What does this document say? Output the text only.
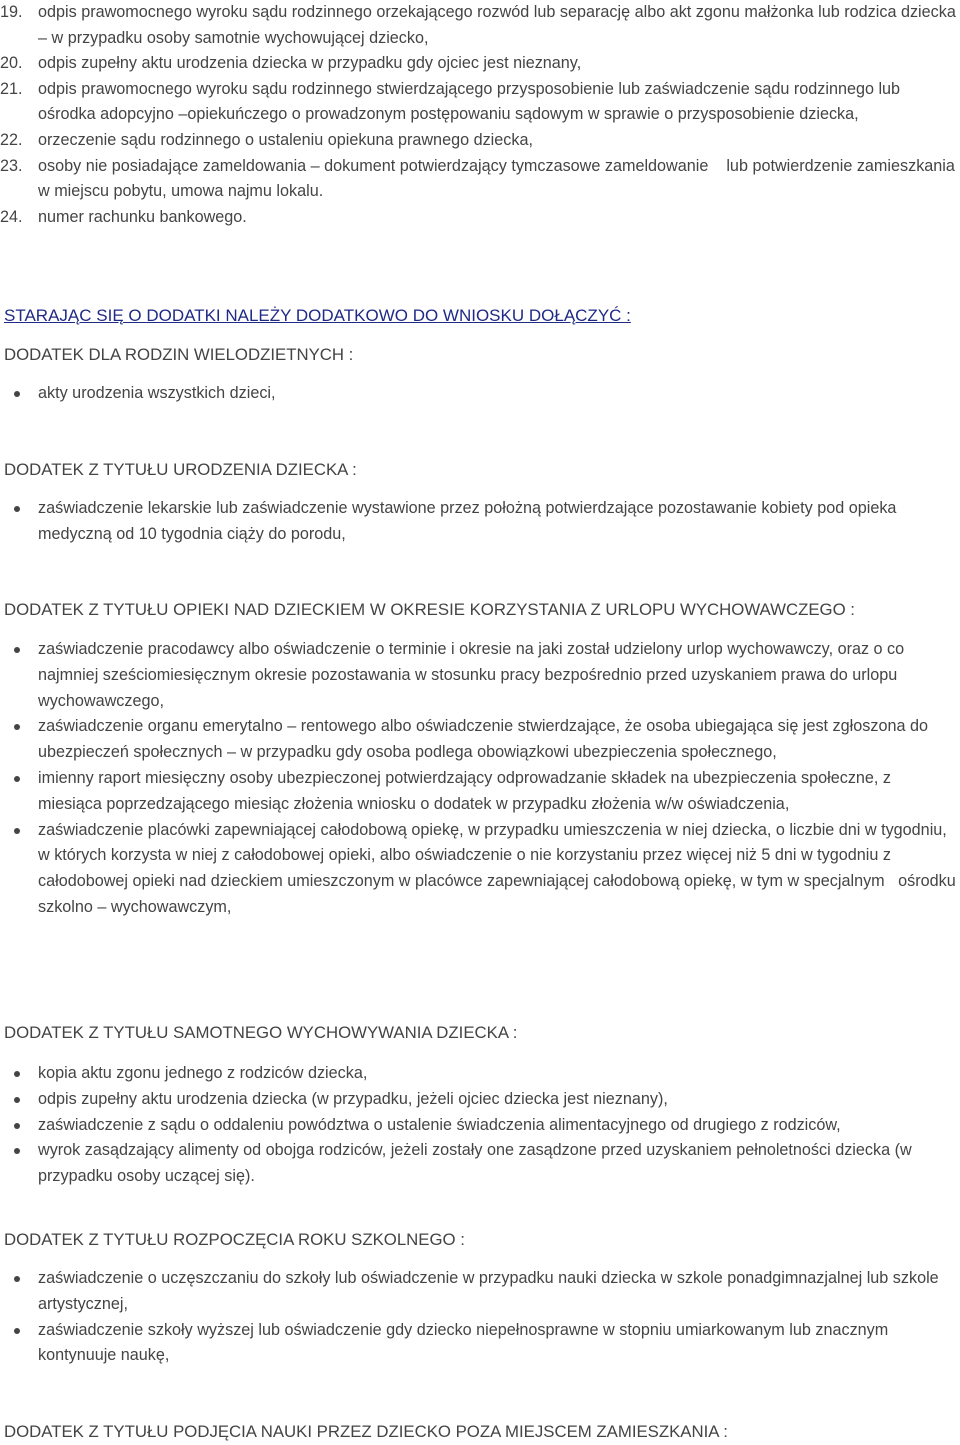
19. odpis prawomocnego wyroku sądu rodzinnego orzekającego rozwód lub separację albo akt zgonu małżonka lub rodzica dziecka – w przypadku osoby samotnie wychowującej dziecko,
20. odpis zupełny aktu urodzenia dziecka w przypadku gdy ojciec jest nieznany,
21. odpis prawomocnego wyroku sądu rodzinnego stwierdzającego przysposobienie lub zaświadczenie sądu rodzinnego lub ośrodka adopcyjno –opiekuńczego o prowadzonym postępowaniu sądowym w sprawie o przysposobienie dziecka,
22. orzeczenie sądu rodzinnego o ustaleniu opiekuna prawnego dziecka,
23. osoby nie posiadające zameldowania – dokument potwierdzający tymczasowe zameldowanie    lub potwierdzenie zamieszkania w miejscu pobytu, umowa najmu lokalu.
24. numer rachunku bankowego.
STARAJĄC SIĘ O DODATKI NALEŻY DODATKOWO DO WNIOSKU DOŁĄCZYĆ :
DODATEK DLA RODZIN WIELODZIETNYCH :
akty urodzenia wszystkich dzieci,
DODATEK Z TYTUŁU URODZENIA DZIECKA :
zaświadczenie lekarskie lub zaświadczenie wystawione przez położną potwierdzające pozostawanie kobiety pod opieka medyczną od 10 tygodnia ciąży do porodu,
DODATEK Z TYTUŁU OPIEKI NAD DZIECKIEM W OKRESIE KORZYSTANIA Z URLOPU WYCHOWAWCZEGO :
zaświadczenie pracodawcy albo oświadczenie o terminie i okresie na jaki został udzielony urlop wychowawczy, oraz o co najmniej sześciomiesięcznym okresie pozostawania w stosunku pracy bezpośrednio przed uzyskaniem prawa do urlopu wychowawczego,
zaświadczenie organu emerytalno – rentowego albo oświadczenie stwierdzające, że osoba ubiegająca się jest zgłoszona do ubezpieczeń społecznych – w przypadku gdy osoba podlega obowiązkowi ubezpieczenia społecznego,
imienny raport miesięczny osoby ubezpieczonej potwierdzający odprowadzanie składek na ubezpieczenia społeczne, z miesiąca poprzedzającego miesiąc złożenia wniosku o dodatek w przypadku złożenia w/w oświadczenia,
zaświadczenie placówki zapewniającej całodobową opiekę, w przypadku umieszczenia w niej dziecka, o liczbie dni w tygodniu, w których korzysta w niej z całodobowej opieki, albo oświadczenie o nie korzystaniu przez więcej niż 5 dni w tygodniu z całodobowej opieki nad dzieckiem umieszczonym w placówce zapewniającej całodobową opiekę, w tym w specjalnym   ośrodku szkolno – wychowawczym,
DODATEK Z TYTUŁU SAMOTNEGO WYCHOWYWANIA DZIECKA :
kopia aktu zgonu jednego z rodziców dziecka,
odpis zupełny aktu urodzenia dziecka (w przypadku, jeżeli ojciec dziecka jest nieznany),
zaświadczenie z sądu o oddaleniu powództwa o ustalenie świadczenia alimentacyjnego od drugiego z rodziców,
wyrok zasądzający alimenty od obojga rodziców, jeżeli zostały one zasądzone przed uzyskaniem pełnoletności dziecka (w przypadku osoby uczącej się).
DODATEK Z TYTUŁU ROZPOCZĘCIA ROKU SZKOLNEGO :
zaświadczenie o uczęszczaniu do szkoły lub oświadczenie w przypadku nauki dziecka w szkole ponadgimnazjalnej lub szkole artystycznej,
zaświadczenie szkoły wyższej lub oświadczenie gdy dziecko niepełnosprawne w stopniu umiarkowanym lub znacznym kontynuuje naukę,
DODATEK Z TYTUŁU PODJĘCIA NAUKI PRZEZ DZIECKO POZA MIEJSCEM ZAMIESZKANIA :
